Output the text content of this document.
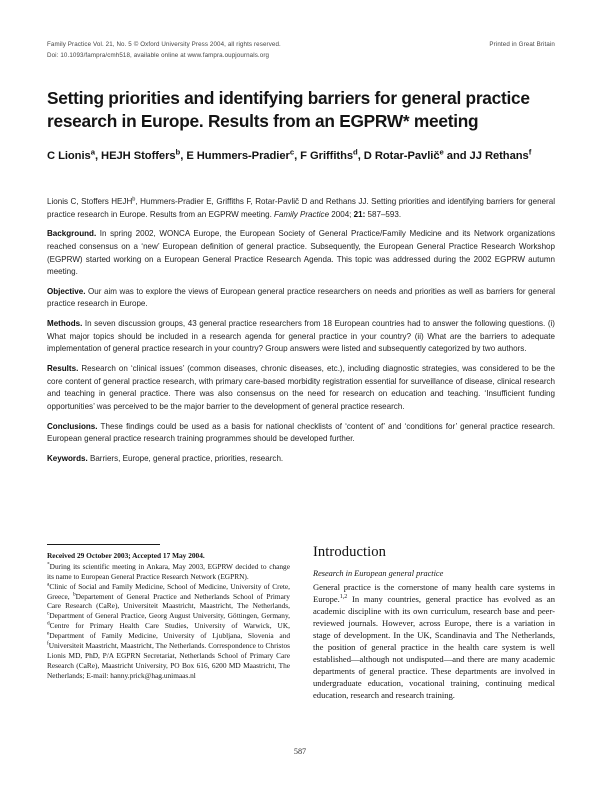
Family Practice Vol. 21, No. 5 © Oxford University Press 2004, all rights reserved.
Doi: 10.1093/fampra/cmh518, available online at www.fampra.oupjournals.org
Printed in Great Britain
Setting priorities and identifying barriers for general practice research in Europe. Results from an EGPRW* meeting
C Lionis$^a$, HEJH Stoffers$^b$, E Hummers-Pradier$^c$, F Griffiths$^d$, D Rotar-Pavlič$^e$ and JJ Rethans$^f$

Lionis C, Stoffers HEJH$^b$, Hummers-Pradier E, Griffiths F, Rotar-Pavlič D and Rethans JJ. Setting priorities and identifying barriers for general practice research in Europe. Results from an EGPRW meeting. Family Practice 2004; 21: 587–593.

Background. In spring 2002, WONCA Europe, the European Society of General Practice/Family Medicine and its Network organizations reached consensus on a ‘new’ European definition of general practice. Subsequently, the European General Practice Research Workshop (EGPRW) started working on a European General Practice Research Agenda. This topic was addressed during the 2002 EGPRW autumn meeting.

Objective. Our aim was to explore the views of European general practice researchers on needs and priorities as well as barriers for general practice research in Europe.

Methods. In seven discussion groups, 43 general practice researchers from 18 European countries had to answer the following questions. (i) What major topics should be included in a research agenda for general practice in your country? (ii) What are the barriers to adequate implementation of general practice research in your country? Group answers were listed and subsequently categorized by two authors.

Results. Research on ‘clinical issues’ (common diseases, chronic diseases, etc.), including diagnostic strategies, was considered to be the core content of general practice research, with primary care-based morbidity registration essential for surveillance of disease, clinical research and teaching in general practice. There was also consensus on the need for research on education and teaching. ‘Insufficient funding opportunities’ was perceived to be the major barrier to the development of general practice research.

Conclusions. These findings could be used as a basis for national checklists of ‘content of’ and ‘conditions for’ general practice research. European general practice research training programmes should be developed further.

Keywords. Barriers, Europe, general practice, priorities, research.

Received 29 October 2003; Accepted 17 May 2004.

*During its scientific meeting in Ankara, May 2003, EGPRW decided to change its name to European General Practice Research Network (EGPRN).

$^a$Clinic of Social and Family Medicine, School of Medicine, University of Crete, Greece, $^b$Departement of General Practice and Netherlands School of Primary Care Research (CaRe), Universiteit Maastricht, Maastricht, The Netherlands, $^c$Department of General Practice, Georg August University, Göttingen, Germany, $^d$Centre for Primary Health Care Studies, University of Warwick, UK, $^e$Department of Family Medicine, University of Ljubljana, Slovenia and $^f$Universiteit Maastricht, Maastricht, The Netherlands. Correspondence to Christos Lionis MD, PhD, P/A EGPRN Secretariat, Netherlands School of Primary Care Research (CaRe), Maastricht University, PO Box 616, 6200 MD Maastricht, The Netherlands; E-mail: hanny.prick@hag.unimaas.nl

Introduction

Research in European general practice

General practice is the cornerstone of many health care systems in Europe.$^{1,2}$ In many countries, general practice has evolved as an academic discipline with its own curriculum, research base and peer-reviewed journals. However, across Europe, there is a variation in stage of development. In the UK, Scandinavia and The Netherlands, the position of general practice in the health care system is well established—although not undisputed—and there are many academic departments of general practice. These departments are involved in undergraduate education, vocational training, continuing medical education, research and research training.

587
